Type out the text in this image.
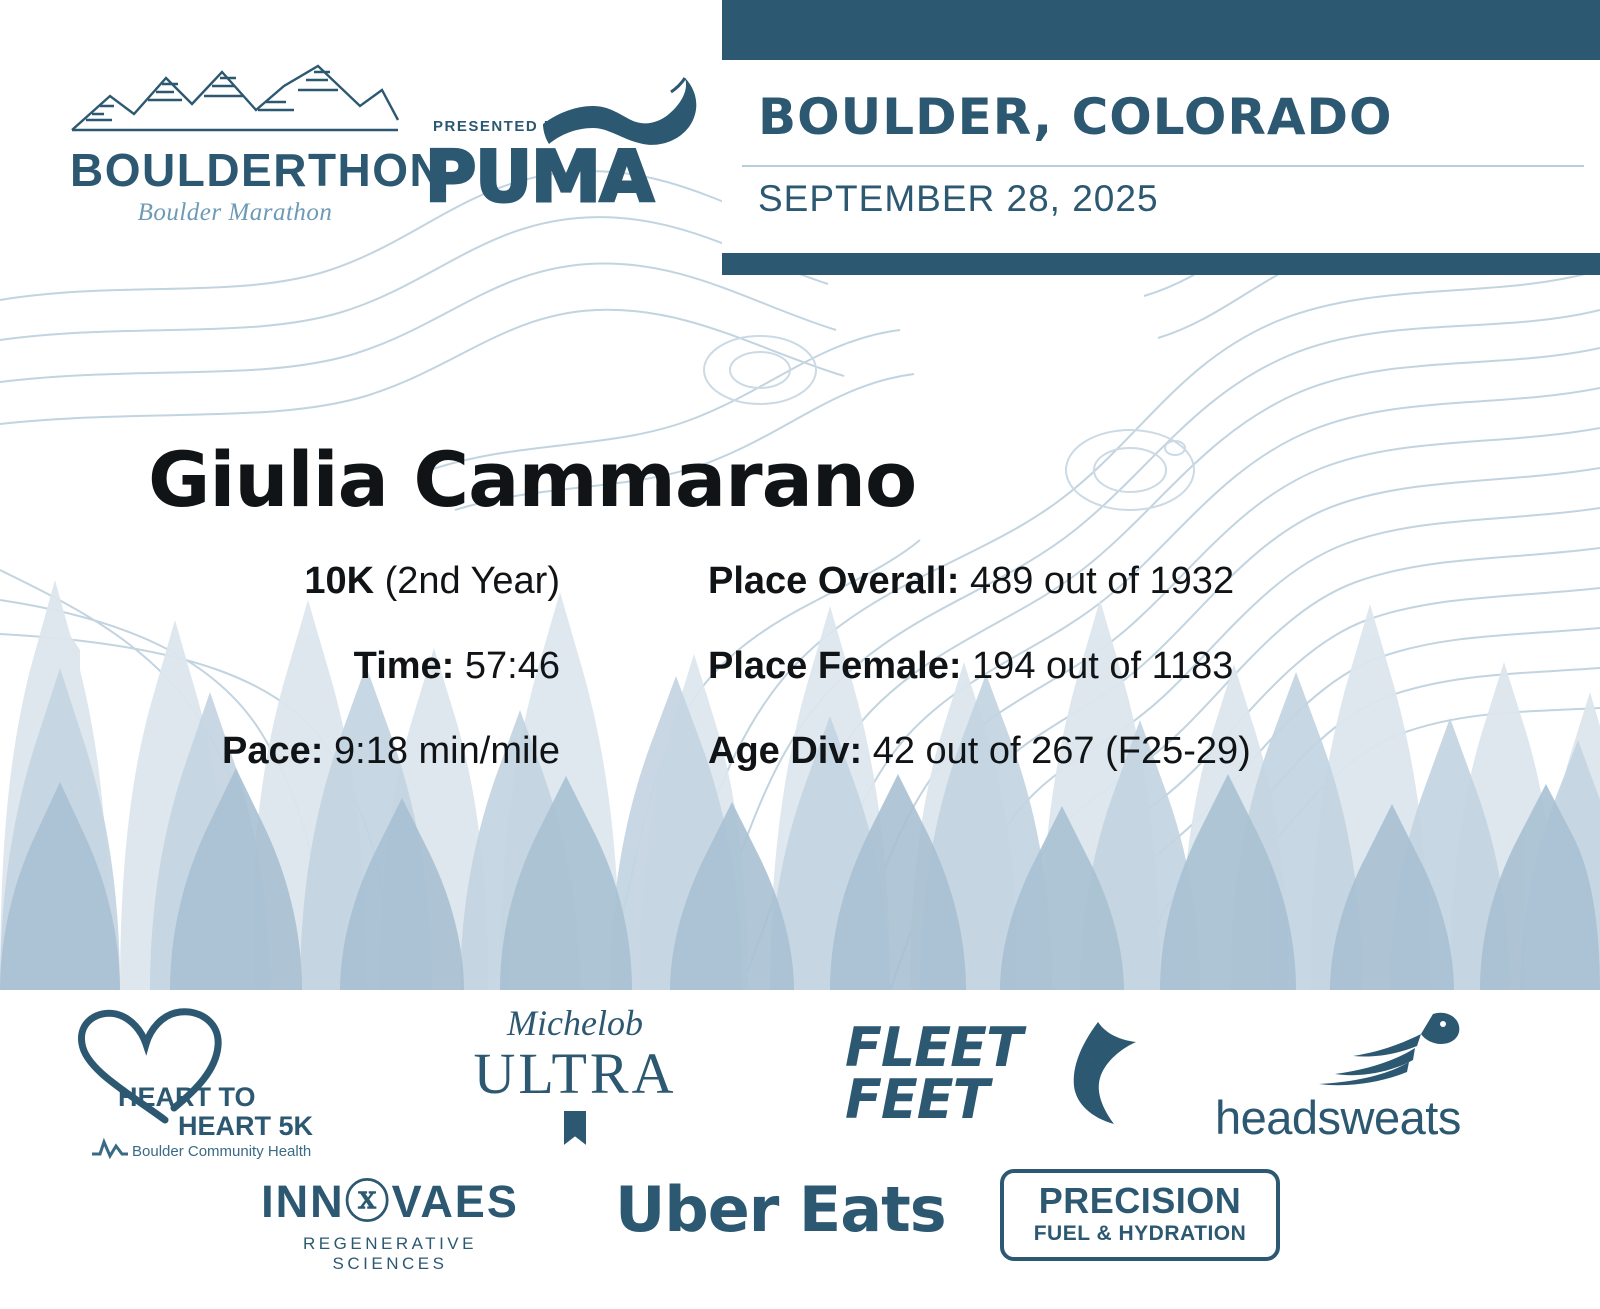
BOULDERTHON
Boulder Marathon
PRESENTED BY
PUMA
BOULDER, COLORADO
SEPTEMBER 28, 2025
Giulia Cammarano
10K (2nd Year)	Place Overall: 489 out of 1932
Time: 57:46	Place Female: 194 out of 1183
Pace: 9:18 min/mile	Age Div: 42 out of 267 (F25-29)
HEART TO
HEART 5K
Boulder Community Health
Michelob
ULTRA	FLEET
FEET	headsweats
INNⓧVAES
REGENERATIVE SCIENCES
Uber Eats	PRECISION
FUEL & HYDRATION
